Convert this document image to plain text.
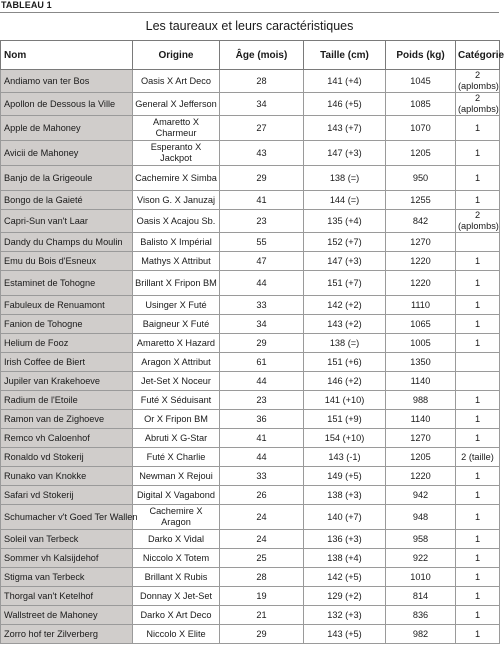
TABLEAU 1
Les taureaux et leurs caractéristiques
Nom	Origine	Âge (mois)	Taille (cm)	Poids (kg)	Catégorie
Andiamo van ter Bos	Oasis X Art Deco	28	141 (+4)	1045	2 (aplombs)
Apollon de Dessous la Ville	General X Jefferson	34	146 (+5)	1085	2 (aplombs)
Apple de Mahoney	Amaretto X Charmeur	27	143 (+7)	1070	1
Avicii de Mahoney	Esperanto X Jackpot	43	147 (+3)	1205	1
Banjo de la Grigeoule	Cachemire X Simba	29	138 (=)	950	1
Bongo de la Gaieté	Vison G. X Januzaj	41	144 (=)	1255	1
Capri-Sun van't Laar	Oasis X Acajou Sb.	23	135 (+4)	842	2 (aplombs)
Dandy du Champs du Moulin	Balisto X Impérial	55	152 (+7)	1270	
Emu du Bois d'Esneux	Mathys X Attribut	47	147 (+3)	1220	1
Estaminet de Tohogne	Brillant X Fripon BM	44	151 (+7)	1220	1
Fabuleux de Renuamont	Usinger X Futé	33	142 (+2)	1110	1
Fanion de Tohogne	Baigneur X Futé	34	143 (+2)	1065	1
Helium de Fooz	Amaretto X Hazard	29	138 (=)	1005	1
Irish Coffee de Biert	Aragon X Attribut	61	151 (+6)	1350	
Jupiler van Krakehoeve	Jet-Set X Noceur	44	146 (+2)	1140	
Radium de l'Etoile	Futé X Séduisant	23	141 (+10)	988	1
Ramon van de Zighoeve	Or X Fripon BM	36	151 (+9)	1140	1
Remco vh Caloenhof	Abruti X G-Star	41	154 (+10)	1270	1
Ronaldo vd Stokerij	Futé X Charlie	44	143 (-1)	1205	2 (taille)
Runako van Knokke	Newman X Rejoui	33	149 (+5)	1220	1
Safari vd Stokerij	Digital X Vagabond	26	138 (+3)	942	1
Schumacher v't Goed Ter Wallen	Cachemire X Aragon	24	140 (+7)	948	1
Soleil van Terbeck	Darko X Vidal	24	136 (+3)	958	1
Sommer vh Kalsijdehof	Niccolo X Totem	25	138 (+4)	922	1
Stigma van Terbeck	Brillant X Rubis	28	142 (+5)	1010	1
Thorgal van't Ketelhof	Donnay X Jet-Set	19	129 (+2)	814	1
Wallstreet de Mahoney	Darko X Art Deco	21	132 (+3)	836	1
Zorro hof ter Zilverberg	Niccolo X Elite	29	143 (+5)	982	1
